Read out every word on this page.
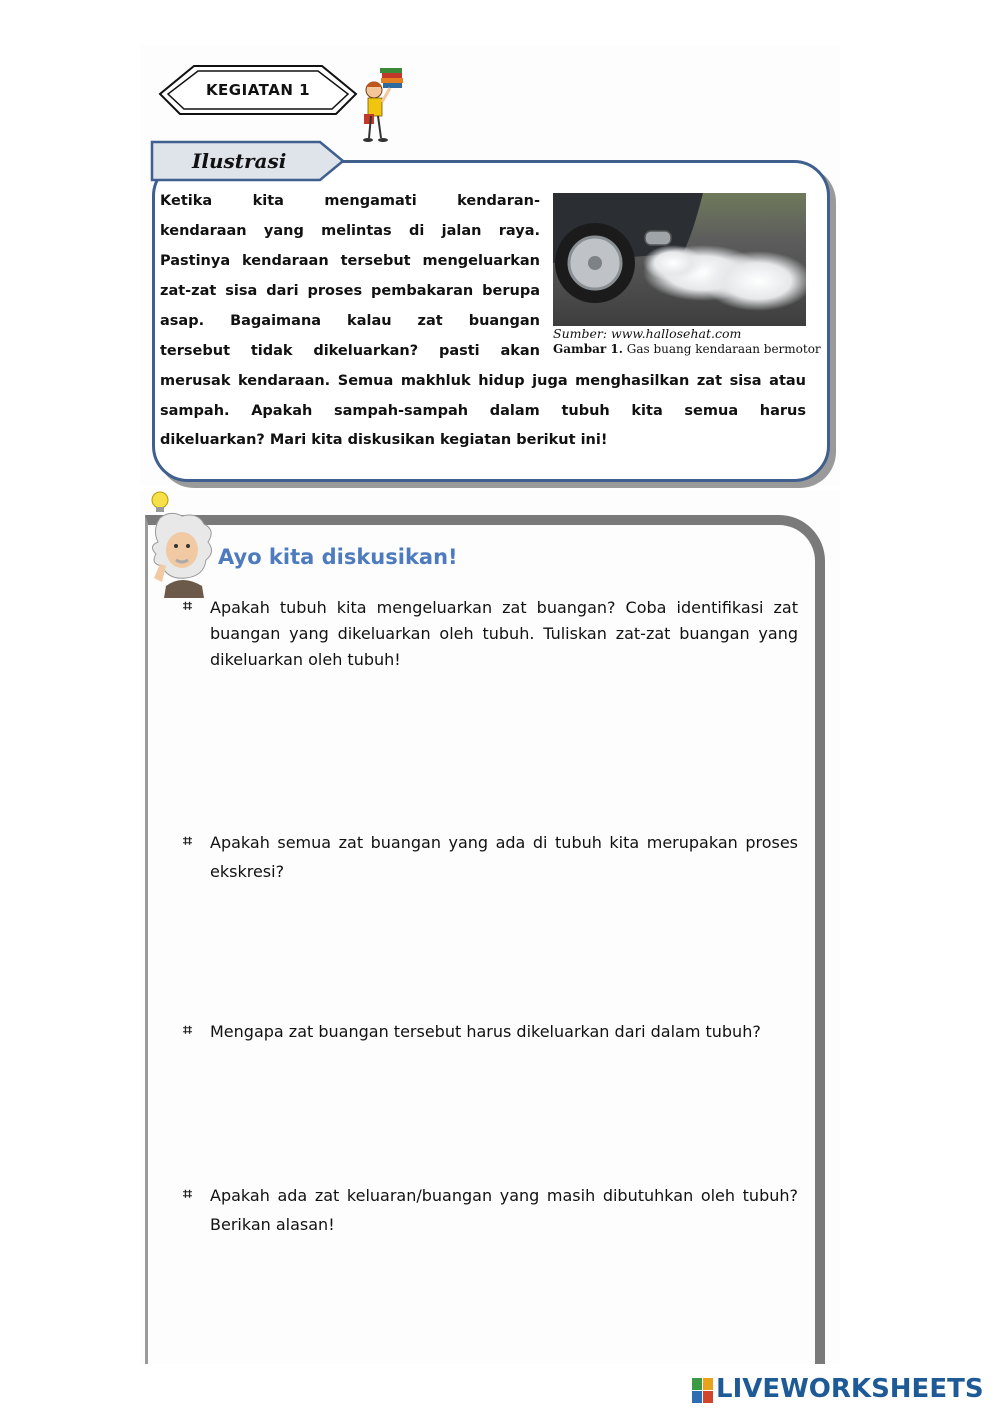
KEGIATAN 1
Ilustrasi
Ketika kita mengamati kendaran-
kendaraan yang melintas di jalan raya.
Pastinya kendaraan tersebut mengeluarkan
zat-zat sisa dari proses pembakaran berupa
asap. Bagaimana kalau zat buangan
tersebut tidak dikeluarkan? pasti akan
merusak kendaraan. Semua makhluk hidup juga menghasilkan zat sisa atau sampah. Apakah sampah-sampah dalam tubuh kita semua harus
dikeluarkan? Mari kita diskusikan kegiatan berikut ini!
Sumber: www.hallosehat.com
Gambar 1. Gas buang kendaraan bermotor
Ayo kita diskusikan!
⌗ Apakah tubuh kita mengeluarkan zat buangan? Coba identifikasi zat buangan yang dikeluarkan oleh tubuh. Tuliskan zat-zat buangan yang dikeluarkan oleh tubuh!
⌗ Apakah semua zat buangan yang ada di tubuh kita merupakan proses ekskresi?
⌗ Mengapa zat buangan tersebut harus dikeluarkan dari dalam tubuh?
⌗ Apakah ada zat keluaran/buangan yang masih dibutuhkan oleh tubuh? Berikan alasan!
LIVEWORKSHEETS
